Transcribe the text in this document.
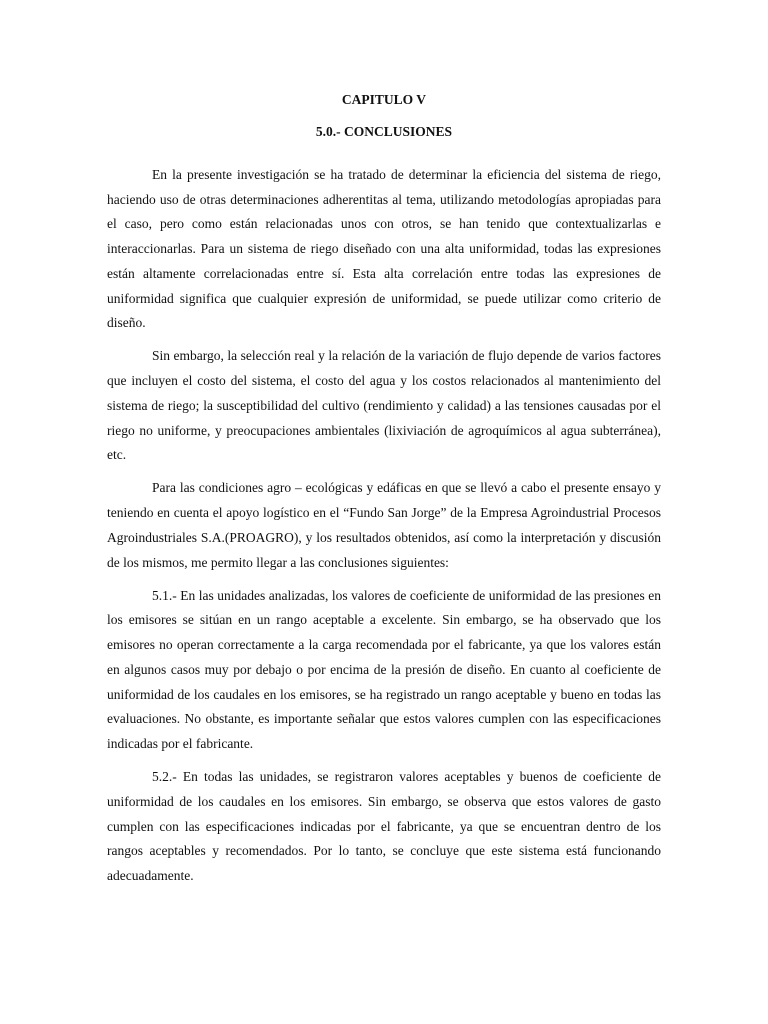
CAPITULO V
5.0.- CONCLUSIONES

En la presente investigación se ha tratado de determinar la eficiencia del sistema de riego, haciendo uso de otras determinaciones adherentitas al tema, utilizando metodologías apropiadas para el caso, pero como están relacionadas unos con otros, se han tenido que contextualizarlas e interaccionarlas. Para un sistema de riego diseñado con una alta uniformidad, todas las expresiones están altamente correlacionadas entre sí. Esta alta correlación entre todas las expresiones de uniformidad significa que cualquier expresión de uniformidad, se puede utilizar como criterio de diseño.

Sin embargo, la selección real y la relación de la variación de flujo depende de varios factores que incluyen el costo del sistema, el costo del agua y los costos relacionados al mantenimiento del sistema de riego; la susceptibilidad del cultivo (rendimiento y calidad) a las tensiones causadas por el riego no uniforme, y preocupaciones ambientales (lixiviación de agroquímicos al agua subterránea), etc.

Para las condiciones agro – ecológicas y edáficas en que se llevó a cabo el presente ensayo y teniendo en cuenta el apoyo logístico en el “Fundo San Jorge” de la Empresa Agroindustrial Procesos Agroindustriales S.A.(PROAGRO), y los resultados obtenidos, así como la interpretación y discusión de los mismos, me permito llegar a las conclusiones siguientes:

5.1.- En las unidades analizadas, los valores de coeficiente de uniformidad de las presiones en los emisores se sitúan en un rango aceptable a excelente. Sin embargo, se ha observado que los emisores no operan correctamente a la carga recomendada por el fabricante, ya que los valores están en algunos casos muy por debajo o por encima de la presión de diseño. En cuanto al coeficiente de uniformidad de los caudales en los emisores, se ha registrado un rango aceptable y bueno en todas las evaluaciones. No obstante, es importante señalar que estos valores cumplen con las especificaciones indicadas por el fabricante.

5.2.- En todas las unidades, se registraron valores aceptables y buenos de coeficiente de uniformidad de los caudales en los emisores. Sin embargo, se observa que estos valores de gasto cumplen con las especificaciones indicadas por el fabricante, ya que se encuentran dentro de los rangos aceptables y recomendados. Por lo tanto, se concluye que este sistema está funcionando adecuadamente.
